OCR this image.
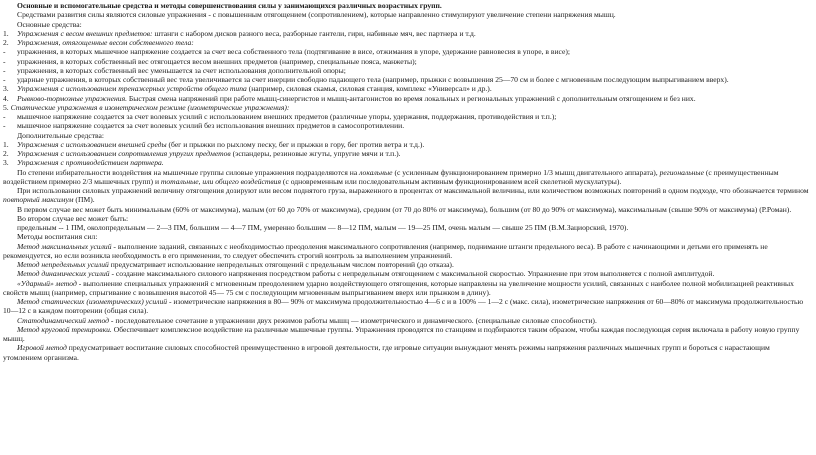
Основные и вспомогательные средства и методы совершенствования силы у занимающихся различных возрастных групп.

Средствами развития силы являются силовые упражнения - с повышенным отягощением (сопротивлением), которые направленно стимулируют увеличение степени напряжения мышц.

Основные средства:

1.	Упражнения с весом внешних предметов: штанги с набором дисков разного веса, разборные гантели, гири, набивные мяч, вес партнера и т.д.
2.	Упражнения, отягощенные весом собственного тела:
-	упражнения, в которых мышечное напряжение создается за счет веса собственного тела (подтягивание в висе, отжимания в упоре, удержание равновесия в упоре, в висе);
-	упражнения, в которых собственный вес отягощается весом внешних предметов (например, специальные пояса, манжеты);
-	упражнения, в которых собственный вес уменьшается за счет использования дополнительной опоры;

- ударные упражнения, в которых собственный вес тела увеличивается за счет инерции свободно падающего тела (например, прыжки с возвышения 25—70 см и более с мгновенным последующим выпрыгиванием вверх).

3.	Упражнения с использованием тренажерных устройств общего типа (например, силовая скамья, силовая станция, комплекс «Универсал» и др.).

4. Рывково-тормозные упражнения. Быстрая смена напряжений при работе мышц-синергистов и мышц-антагонистов во время локальных и региональных упражнений с дополнительным отягощением и без них.

5. Статические упражнения в изометрическом режиме (изометрические упражнения):

-	мышечное напряжение создается за счет волевых усилий с использованием внешних предметов (различные упоры, удержания, поддержания, противодействия и т.п.);
-	мышечное напряжение создается за счет волевых усилий без использования внешних предметов в самосопротивлении.

Дополнительные средства:

1.	Упражнения с использованием внешней среды (бег и прыжки по рыхлому песку, бег и прыжки в гору, бег против ветра и т.д.).
2.	Упражнения с использованием сопротивления упругих предметов (эспандеры, резиновые жгуты, упругие мячи и т.п.).
3.	Упражнения с противодействием партнера.

По степени избирательности воздействия на мышечные группы силовые упражнения подразделяются на локальные (с усиленным функционированием примерно 1/3 мышц двигательного аппарата), региональные (с преимущественным воздействием примерно 2/3 мышечных групп) и тотальные, или общего воздействия (с одновременным или последовательным активным функционированием всей скелетной мускулатуры).

При использовании силовых упражнений величину отягощения дозируют или весом поднятого груза, выраженного в процентах от максимальной величины, или количеством возможных повторений в одном подходе, что обозначается термином повторный максимум (ПМ).

В первом случае вес может быть минимальным (60% от максимума), малым (от 60 до 70% от максимума), средним (от 70 до 80% от максимума), большим (от 80 до 90% от максимума), максимальным (свыше 90% от максимума) (Р.Роман).

Во втором случае вес может быть:

предельным -- 1 ПМ, околопредельным — 2—3 ПМ, большим — 4—7 ПМ, умеренно большим — 8—12 ПМ, малым — 19—25 ПМ, очень малым — свыше 25 ПМ (В.М.Зациорский, 1970).

Методы воспитания сил:

Метод максимальных усилий - выполнение заданий, связанных с необходимостью преодоления максимального сопротивления (например, поднимание штанги предельного веса). В работе с начинающими и детьми его применять не рекомендуется, но если возникла необходимость в его применении, то следует обеспечить строгий контроль за выполнением упражнений.

Метод непредельных усилий предусматривает использование непредельных отягощений с предельным числом повторений (до отказа).

Метод динамических усилий - создание максимального силового напряжения посредством работы с непредельным отягощением с максимальной скоростью. Упражнение при этом выполняется с полной амплитудой.

«Ударный» метод - выполнение специальных упражнений с мгновенным преодолением ударно воздействующего отягощения, которые направлены на увеличение мощности усилий, связанных с наиболее полной мобилизацией реактивных свойств мышц (например, спрыгивание с возвышения высотой 45— 75 см с последующим мгновенным выпрыгиванием вверх или прыжком в длину).

Метод статических (изометрических) усилий - изометрические напряжения в 80— 90% от максимума продолжительностью 4—6 с и в 100% — 1—2 с (макс. сила), изометрические напряжения от 60—80% от максимума продолжительностью 10—12 с в каждом повторении (общая сила).

Статодинамический метод - последовательное сочетание в упражнении двух режимов работы мышц — изометрического и динамического. (специальные силовые способности).

Метод круговой тренировки. Обеспечивает комплексное воздействие на различные мышечные группы. Упражнения проводятся по станциям и подбираются таким образом, чтобы каждая последующая серия включала в работу новую группу мышц.

Игровой метод предусматривает воспитание силовых способностей преимущественно в игровой деятельности, где игровые ситуации вынуждают менять режимы напряжения различных мышечных групп и бороться с нарастающим утомлением организма.
